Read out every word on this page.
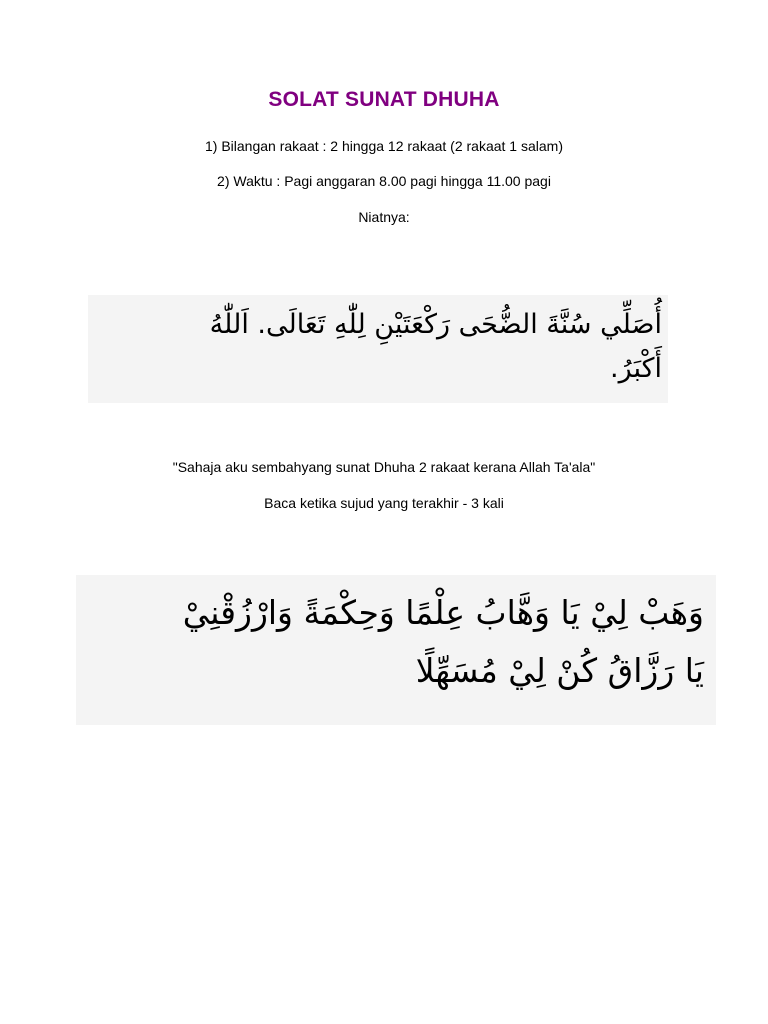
SOLAT SUNAT DHUHA
1) Bilangan rakaat : 2 hingga 12 rakaat (2 rakaat 1 salam)
2) Waktu : Pagi anggaran 8.00 pagi hingga 11.00 pagi
Niatnya:
أُصَلِّي سُنَّةَ الضُّحَى رَكْعَتَيْنِ لِلّٰهِ تَعَالَى. اَللّٰهُ
أَكْبَرُ.
"Sahaja aku sembahyang sunat Dhuha 2 rakaat kerana Allah Ta'ala"
Baca ketika sujud yang terakhir - 3 kali
وَهَبْ لِيْ يَا وَهَّابُ عِلْمًا وَحِكْمَةً وَارْزُقْنِيْ
يَا رَزَّاقُ كُنْ لِيْ مُسَهِّلًا
